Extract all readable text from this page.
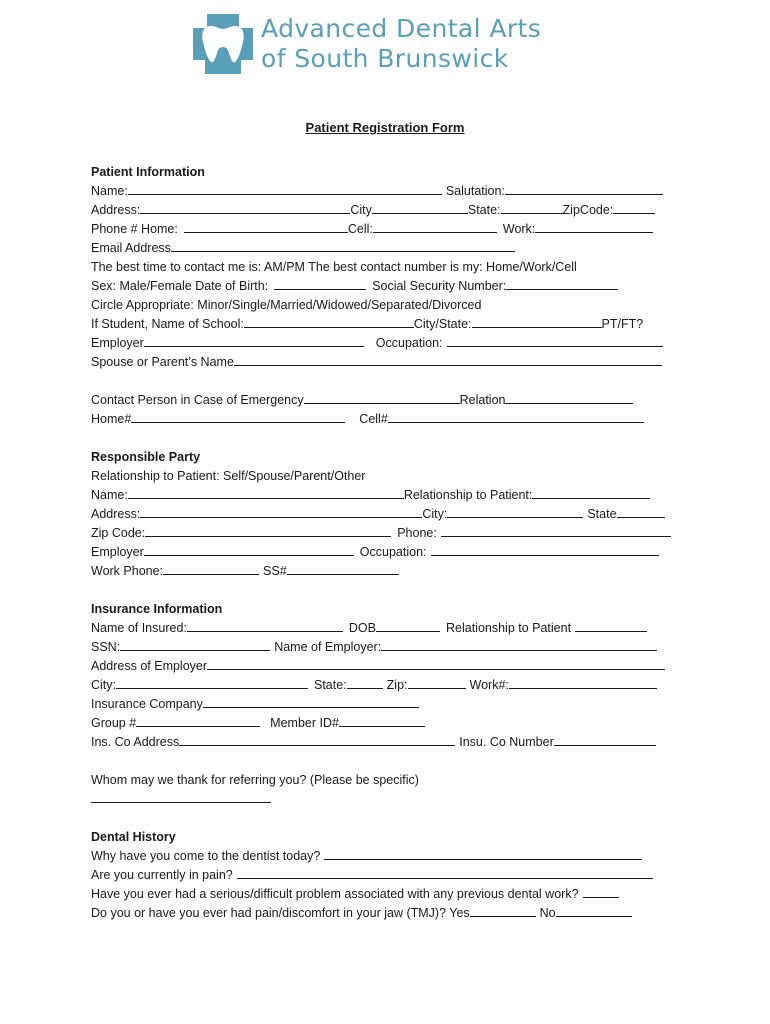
Advanced Dental Arts
of South Brunswick
Patient Registration Form
Patient Information
Name:	Salutation:
Address:	City	State:	ZipCode:
Phone # Home:	Cell:	Work:
Email Address
The best time to contact me is: AM/PM The best contact number is my: Home/Work/Cell
Sex: Male/Female Date of Birth:	Social Security Number:
Circle Appropriate: Minor/Single/Married/Widowed/Separated/Divorced
If Student, Name of School:	City/State:	PT/FT?
Employer	Occupation:
Spouse or Parent’s Name
Contact Person in Case of Emergency	Relation
Home#	Cell#
Responsible Party
Relationship to Patient: Self/Spouse/Parent/Other
Name:	Relationship to Patient:
Address:	City:	State
Zip Code:	Phone:
Employer	Occupation:
Work Phone:	SS#
Insurance Information
Name of Insured:	DOB	Relationship to Patient
SSN:	Name of Employer:
Address of Employer
City:	State:	Zip:	Work#:
Insurance Company
Group #	Member ID#
Ins. Co Address	Insu. Co Number
Whom may we thank for referring you? (Please be specific)
Dental History
Why have you come to the dentist today?
Are you currently in pain?
Have you ever had a serious/difficult problem associated with any previous dental work?
Do you or have you ever had pain/discomfort in your jaw (TMJ)? Yes	No
